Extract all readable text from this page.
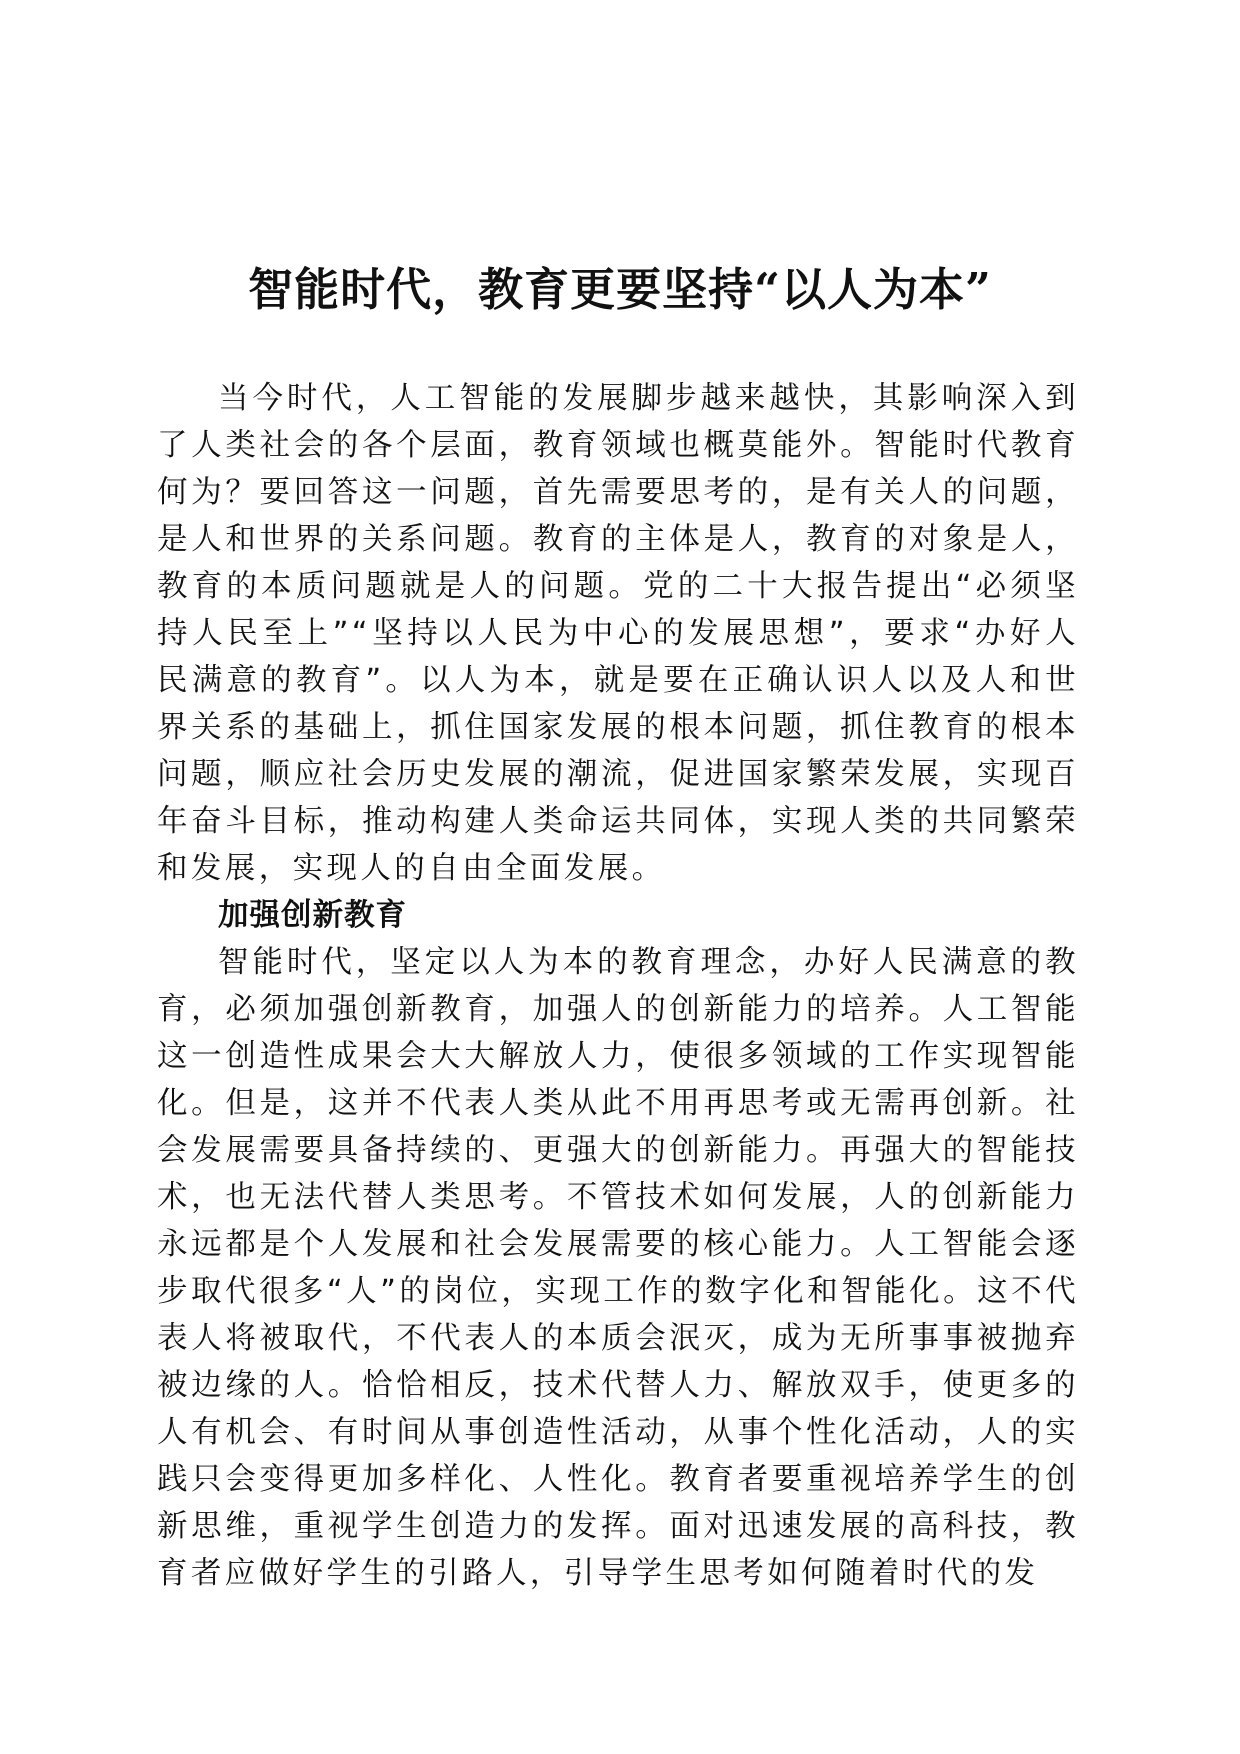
智能时代，教育更要坚持“以人为本”

当今时代，人工智能的发展脚步越来越快，其影响深入到了人类社会的各个层面，教育领域也概莫能外。智能时代教育何为？要回答这一问题，首先需要思考的，是有关人的问题，是人和世界的关系问题。教育的主体是人，教育的对象是人，教育的本质问题就是人的问题。党的二十大报告提出“必须坚持人民至上”“坚持以人民为中心的发展思想”，要求“办好人民满意的教育”。以人为本，就是要在正确认识人以及人和世界关系的基础上，抓住国家发展的根本问题，抓住教育的根本问题，顺应社会历史发展的潮流，促进国家繁荣发展，实现百年奋斗目标，推动构建人类命运共同体，实现人类的共同繁荣和发展，实现人的自由全面发展。

加强创新教育

智能时代，坚定以人为本的教育理念，办好人民满意的教育，必须加强创新教育，加强人的创新能力的培养。人工智能这一创造性成果会大大解放人力，使很多领域的工作实现智能化。但是，这并不代表人类从此不用再思考或无需再创新。社会发展需要具备持续的、更强大的创新能力。再强大的智能技术，也无法代替人类思考。不管技术如何发展，人的创新能力永远都是个人发展和社会发展需要的核心能力。人工智能会逐步取代很多“人”的岗位，实现工作的数字化和智能化。这不代表人将被取代，不代表人的本质会泯灭，成为无所事事被抛弃被边缘的人。恰恰相反，技术代替人力、解放双手，使更多的人有机会、有时间从事创造性活动，从事个性化活动，人的实践只会变得更加多样化、人性化。教育者要重视培养学生的创新思维，重视学生创造力的发挥。面对迅速发展的高科技，教育者应做好学生的引路人，引导学生思考如何随着时代的发
